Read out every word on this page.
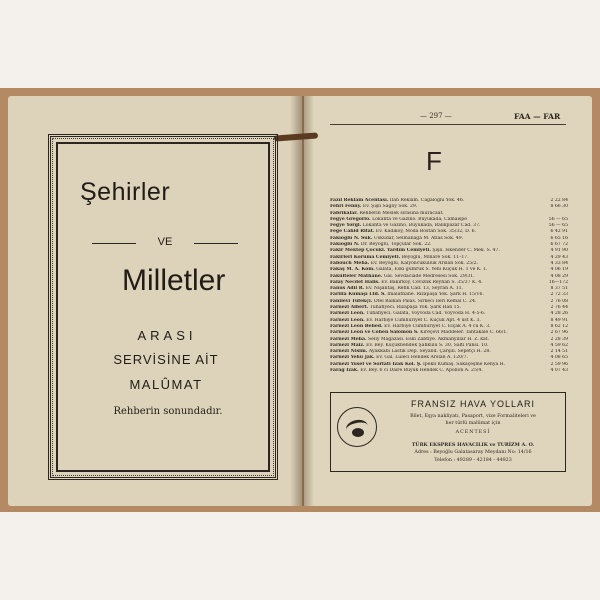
Şehirler
VE
Milletler
ARASI
SERVİSİNE AİT
MALÛMAT
Rehberin sonundadır.
— 297 —	FAA — FAR
F
Fazıl Reklâm Acentası. İlân Reklâm. Cağaloğlu Yok. 46.	2 22 84
Fehri Fenny. Ev. Şişli Sağlıy Sok. 29.	8 66 30
Fabrikalar. Rehberin Meslek sırasına müracaat.
Fegye Gregorio. Lokanta ve Gazino. Büyükada, Camaispe	56 — 65
Fegye Yorgi. Lokanta ve Gazino. Büyükada, Balıkpazar Cad. 37.	56 — 65
Feğe Cahid Rifat. Ev. Kadıköy, Moda Bostan Sok. 35/32, D. 6.	6 42 91
Fakıoğlu N. Suk. Üsküdar, Selmanağa M. Atlas Sok. 49.	6 65 16
Fakıoğlu N. Dr. Beyoğlu, Topçular Sok. 22.	6 67 72
Fakir Mektep Çocukl. Yardım Cemiyeti. Şişli. İskender C. Mek. S. 47.	4 91 90
Fakirleri Koruma Cemiyeti. Beyoğlu, Minare Sok. 11–17.	4 29 43
Fabouch Meha. Ev. Beyoğlu, Kalyoncukulluk Arslan Sok. 25/2.	4 33 84
Fakaş M. A. Kom. Galata, Eski gümrük S. Yeni Küçük H. 1 ve K. 1.	4 06 19
Fakülteler Mathane. Gal. Sevdaciade Medresesi Sok. 29/31.	4 08 29
Falay Necdet Halis. Ev. Bakırköy, Cevizlik Reyhan S. 35/37 K. 4.	16—172
Fanus Adil R. Ev. Nişantaş, Refik Cad. 13, Seyran A. 11.	8 37 51
Farilla Kumaşı Ltd. S. İmalâthane. Rızapaşa Yok. Şark H. 15/16.	2 72 33
Fanilevi Tüfekçi. Otel Balkan Palas. Sirkeci İleri Kemal C. 24.	2 76 08
Farnezi Albert. Tuhafiyeci. Rızapaşa Yok. Şark Han 15.	2 76 44
Farnezi Leon. Tuhafiyeci. Galata, Voyvoda Cad. Voyvoda H. 4-5-6.	4 28 26
Farnezi Leon. Ev. Harbiye Cumhuriyet C. Küçük Apt. 4 üst K. 3.	8 49 91
Farnezi Leon Behed. Ev. Harbiye Cumhuriyet C. Elçak A. 4 cü K. 3.	8 62 12
Farnezi Leon ve Cohen Salomon S. Kireçevl Maddeler. Tahtakale C. 66/1.	2 67 96
Farnezi Meha. Seliy Mağazası. Eski Zabtiye. Akmanyıllar H. Z. kat.	2 28 39
Farnezi Maiz. Ev. Bey. Küçükbendek Şahkulu S. 30, Salti Pansi. 10.	4 59 62
Farnezi Nisim. Ayakkabı Lâstik Dep. Seyand. Çarşılı. Sepetçi H. 28.	2 14 51
Farnezi Yehu Jak. Ev. Gal. Lüleci Hendek Arslan A. 120/7.	4 08 65
Farnezi Yusef ve Sorfati İzak Kol. Ş. İpekli Kumaş. Sakaçeşme Kenya H.	2 59 96
Farag İzak. Ev. Bey. 6 cı Daire Büyük Hendek C. Apollon A. 25/4.	4 07 43
FRANSIZ HAVA YOLLARI
Bilet, Eşya nakliyatı, Pasaport, vize Formaliteleri ve
her türlü malûmat için
ACENTESİ
TÜRK EKSPRES HAVACILIK ve TURİZM A. O.
Adres : Beyoğlu Galatasaray Meydanı No: 14/16
Telefon : 49289 - 42184 - 44923
